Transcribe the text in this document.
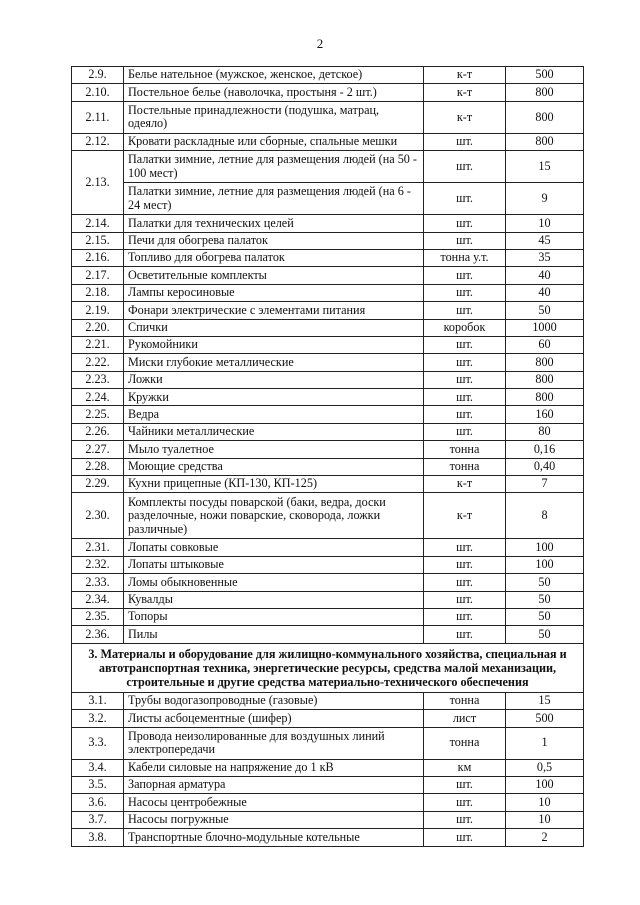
2
2.9.	Белье нательное (мужское, женское, детское)	к-т	500
2.10.	Постельное белье (наволочка, простыня - 2 шт.)	к-т	800
2.11.	Постельные принадлежности (подушка, матрац, одеяло)	к-т	800
2.12.	Кровати раскладные или сборные, спальные мешки	шт.	800
2.13.	Палатки зимние, летние для размещения людей (на 50 - 100 мест)	шт.	15
	Палатки зимние, летние для размещения людей (на 6 - 24 мест)	шт.	9
2.14.	Палатки для технических целей	шт.	10
2.15.	Печи для обогрева палаток	шт.	45
2.16.	Топливо для обогрева палаток	тонна у.т.	35
2.17.	Осветительные комплекты	шт.	40
2.18.	Лампы керосиновые	шт.	40
2.19.	Фонари электрические с элементами питания	шт.	50
2.20.	Спички	коробок	1000
2.21.	Рукомойники	шт.	60
2.22.	Миски глубокие металлические	шт.	800
2.23.	Ложки	шт.	800
2.24.	Кружки	шт.	800
2.25.	Ведра	шт.	160
2.26.	Чайники металлические	шт.	80
2.27.	Мыло туалетное	тонна	0,16
2.28.	Моющие средства	тонна	0,40
2.29.	Кухни прицепные (КП-130, КП-125)	к-т	7
2.30.	Комплекты посуды поварской (баки, ведра, доски разделочные, ножи поварские, сковорода, ложки различные)	к-т	8
2.31.	Лопаты совковые	шт.	100
2.32.	Лопаты штыковые	шт.	100
2.33.	Ломы обыкновенные	шт.	50
2.34.	Кувалды	шт.	50
2.35.	Топоры	шт.	50
2.36.	Пилы	шт.	50
3. Материалы и оборудование для жилищно-коммунального хозяйства, специальная и автотранспортная техника, энергетические ресурсы, средства малой механизации, строительные и другие средства материально-технического обеспечения			
3.1.	Трубы водогазопроводные (газовые)	тонна	15
3.2.	Листы асбоцементные (шифер)	лист	500
3.3.	Провода неизолированные для воздушных линий электропередачи	тонна	1
3.4.	Кабели силовые на напряжение до 1 кВ	км	0,5
3.5.	Запорная арматура	шт.	100
3.6.	Насосы центробежные	шт.	10
3.7.	Насосы погружные	шт.	10
3.8.	Транспортные блочно-модульные котельные	шт.	2
